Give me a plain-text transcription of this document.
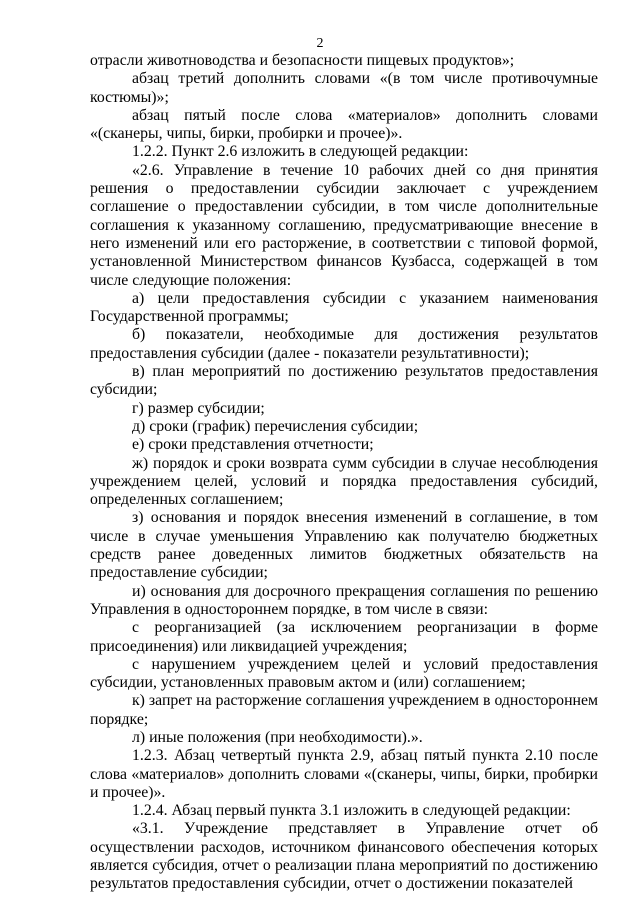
2

отрасли животноводства и безопасности пищевых продуктов»;

абзац третий дополнить словами «(в том числе противочумные костюмы)»;

абзац пятый после слова «материалов» дополнить словами «(сканеры, чипы, бирки, пробирки и прочее)».

1.2.2. Пункт 2.6 изложить в следующей редакции:

«2.6. Управление в течение 10 рабочих дней со дня принятия решения о предоставлении субсидии заключает с учреждением соглашение о предоставлении субсидии, в том числе дополнительные соглашения к указанному соглашению, предусматривающие внесение в него изменений или его расторжение, в соответствии с типовой формой, установленной Министерством финансов Кузбасса, содержащей в том числе следующие положения:

а) цели предоставления субсидии с указанием наименования Государственной программы;

б) показатели, необходимые для достижения результатов предоставления субсидии (далее - показатели результативности);

в) план мероприятий по достижению результатов предоставления субсидии;

г) размер субсидии;

д) сроки (график) перечисления субсидии;

е) сроки представления отчетности;

ж) порядок и сроки возврата сумм субсидии в случае несоблюдения учреждением целей, условий и порядка предоставления субсидий, определенных соглашением;

з) основания и порядок внесения изменений в соглашение, в том числе в случае уменьшения Управлению как получателю бюджетных средств ранее доведенных лимитов бюджетных обязательств на предоставление субсидии;

и) основания для досрочного прекращения соглашения по решению Управления в одностороннем порядке, в том числе в связи:

с реорганизацией (за исключением реорганизации в форме присоединения) или ликвидацией учреждения;

с нарушением учреждением целей и условий предоставления субсидии, установленных правовым актом и (или) соглашением;

к) запрет на расторжение соглашения учреждением в одностороннем порядке;

л) иные положения (при необходимости).».

1.2.3. Абзац четвертый пункта 2.9, абзац пятый пункта 2.10 после слова «материалов» дополнить словами «(сканеры, чипы, бирки, пробирки и прочее)».

1.2.4. Абзац первый пункта 3.1 изложить в следующей редакции:

«3.1. Учреждение представляет в Управление отчет об осуществлении расходов, источником финансового обеспечения которых является субсидия, отчет о реализации плана мероприятий по достижению результатов предоставления субсидии, отчет о достижении показателей
